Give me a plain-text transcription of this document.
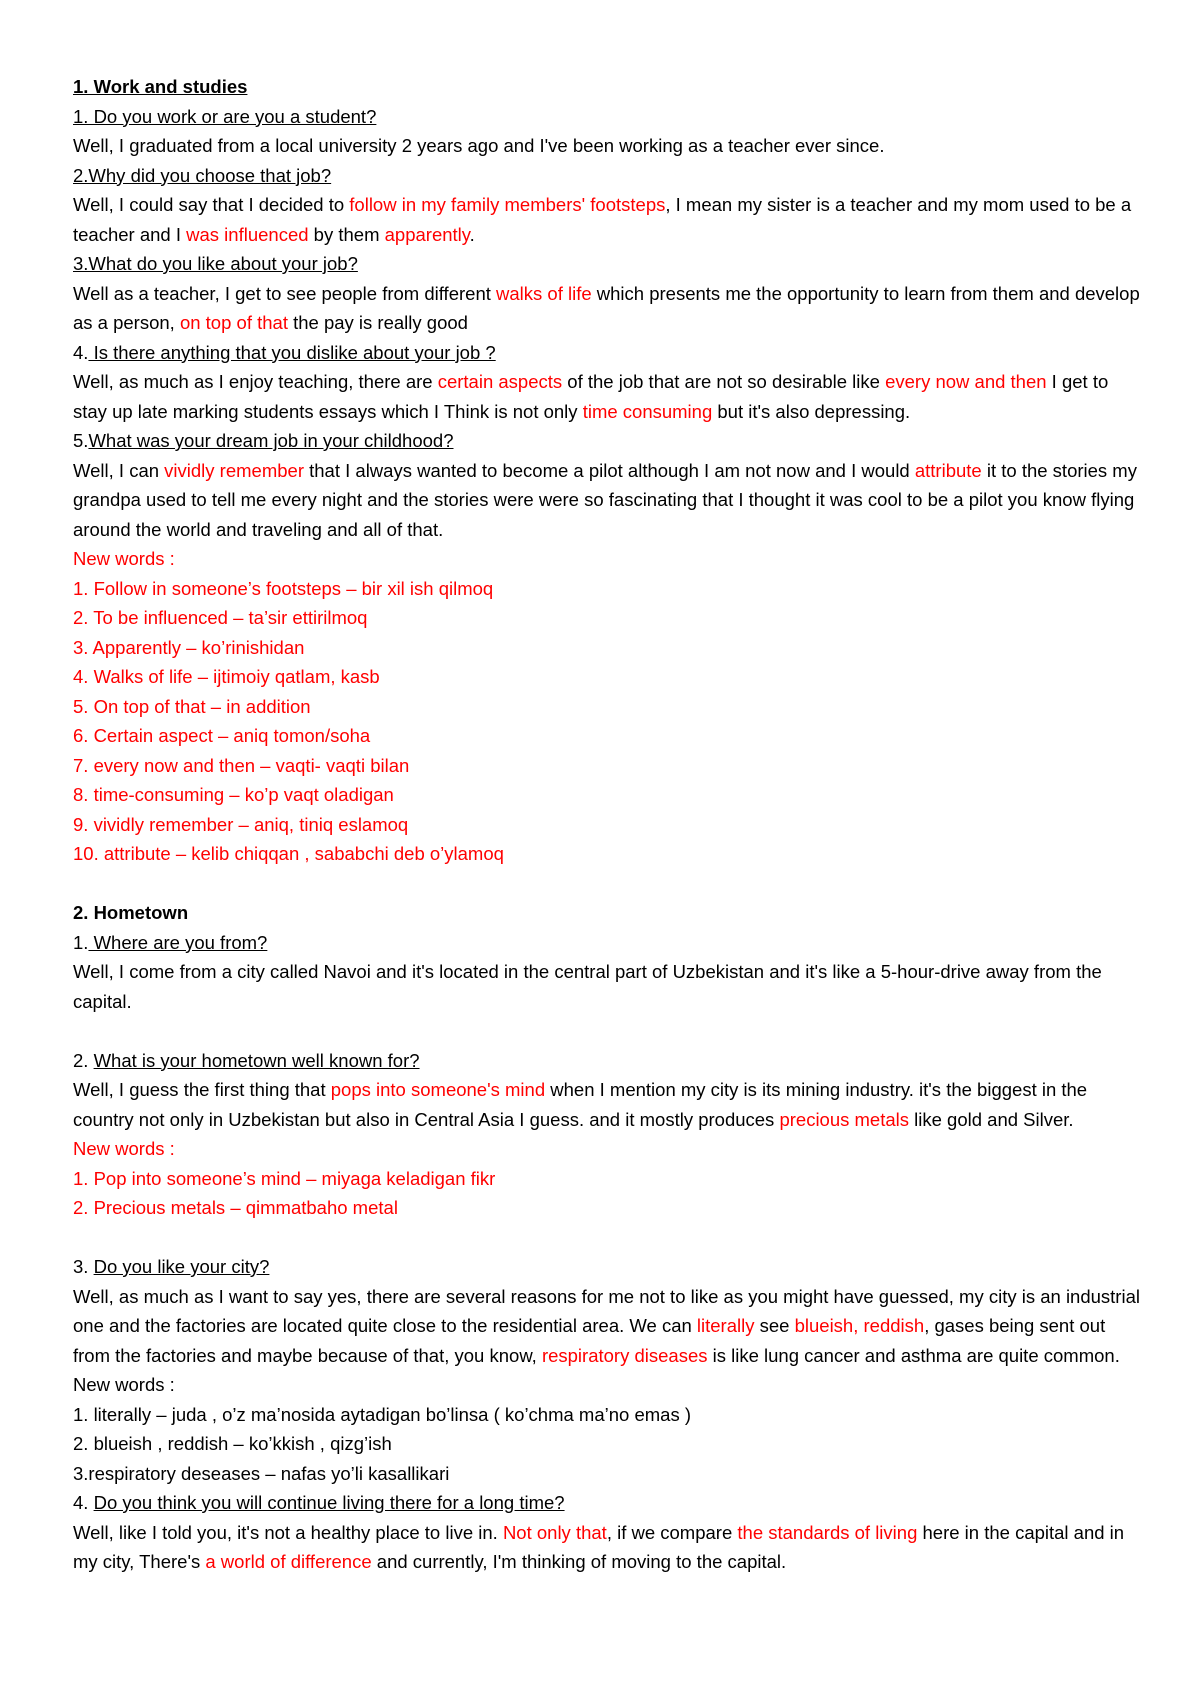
1. Work and studies

1. Do you work or are you a student?

Well, I graduated from a local university 2 years ago and I've been working as a teacher ever since.

2.Why did you choose that job?

Well, I could say that I decided to follow in my family members' footsteps, I mean my sister is a teacher and my mom used to be a teacher and I was influenced by them apparently.

3.What do you like about your job?

Well as a teacher, I get to see people from different walks of life which presents me the opportunity to learn from them and develop as a person, on top of that the pay is really good

4. Is there anything that you dislike about your job ?

Well, as much as I enjoy teaching, there are certain aspects of the job that are not so desirable like every now and then I get to stay up late marking students essays which I Think is not only time consuming but it's also depressing.

5.What was your dream job in your childhood?

Well, I can vividly remember that I always wanted to become a pilot although I am not now and I would attribute it to the stories my grandpa used to tell me every night and the stories were were so fascinating that I thought it was cool to be a pilot you know flying around the world and traveling and all of that.

New words :

1. Follow in someone’s footsteps – bir xil ish qilmoq

2. To be influenced – ta’sir ettirilmoq

3. Apparently – ko’rinishidan

4. Walks of life – ijtimoiy qatlam, kasb

5. On top of that – in addition

6. Certain aspect – aniq tomon/soha

7. every now and then – vaqti- vaqti bilan

8. time-consuming – ko’p vaqt oladigan

9. vividly remember – aniq, tiniq eslamoq

10. attribute – kelib chiqqan , sababchi deb o’ylamoq

2. Hometown

1. Where are you from?

Well, I come from a city called Navoi and it's located in the central part of Uzbekistan and it's like a 5-hour-drive away from the capital.

2. What is your hometown well known for?

Well, I guess the first thing that pops into someone's mind when I mention my city is its mining industry. it's the biggest in the country not only in Uzbekistan but also in Central Asia I guess. and it mostly produces precious metals like gold and Silver.

New words :

1. Pop into someone’s mind – miyaga keladigan fikr

2. Precious metals – qimmatbaho metal

3. Do you like your city?

Well, as much as I want to say yes, there are several reasons for me not to like as you might have guessed, my city is an industrial one and the factories are located quite close to the residential area. We can literally see blueish, reddish, gases being sent out from the factories and maybe because of that, you know, respiratory diseases is like lung cancer and asthma are quite common.

New words :

1. literally – juda , o’z ma’nosida aytadigan bo’linsa ( ko’chma ma’no emas )

2. blueish , reddish – ko’kkish , qizg’ish

3.respiratory deseases – nafas yo’li kasallikari

4. Do you think you will continue living there for a long time?

Well, like I told you, it's not a healthy place to live in. Not only that, if we compare the standards of living here in the capital and in my city, There's a world of difference and currently, I'm thinking of moving to the capital.
